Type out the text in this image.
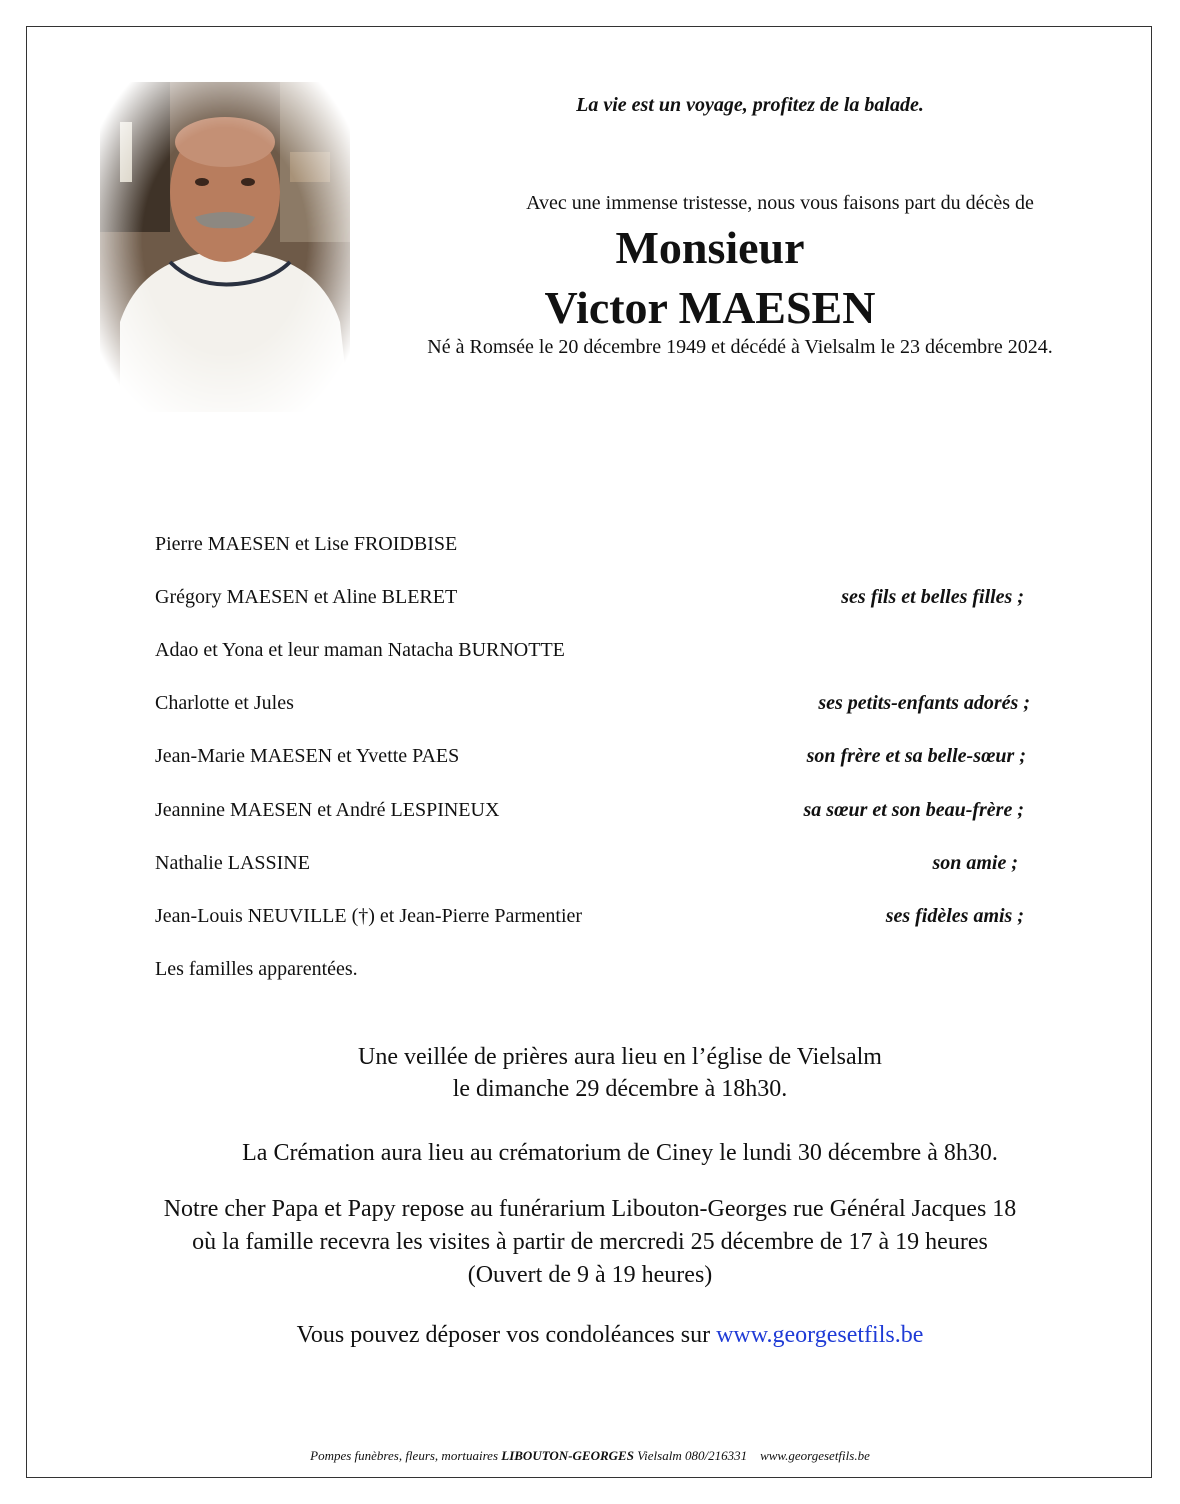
La vie est un voyage, profitez de la balade.
Avec une immense tristesse, nous vous faisons part du décès de
Monsieur
Victor MAESEN
Né à Romsée le 20 décembre 1949 et décédé à Vielsalm le 23 décembre 2024.
Pierre MAESEN et Lise FROIDBISE
Grégory MAESEN et Aline BLERET	ses fils et belles filles ;
Adao et Yona et leur maman Natacha BURNOTTE
Charlotte et Jules	ses petits-enfants adorés ;
Jean-Marie MAESEN et Yvette PAES	son frère et sa belle-sœur ;
Jeannine MAESEN et André LESPINEUX	sa sœur et son beau-frère ;
Nathalie LASSINE	son amie ;
Jean-Louis NEUVILLE (†) et Jean-Pierre Parmentier	ses fidèles amis ;
Les familles apparentées.
Une veillée de prières aura lieu en l’église de Vielsalm
le dimanche 29 décembre à 18h30.
La Crémation aura lieu au crématorium de Ciney le lundi 30 décembre à 8h30.
Notre cher Papa et Papy repose au funérarium Libouton-Georges rue Général Jacques 18
où la famille recevra les visites à partir de mercredi 25 décembre de 17 à 19 heures
(Ouvert de 9 à 19 heures)
Vous pouvez déposer vos condoléances sur www.georgesetfils.be
Pompes funèbres, fleurs, mortuaires LIBOUTON-GEORGES Vielsalm 080/216331 www.georgesetfils.be
